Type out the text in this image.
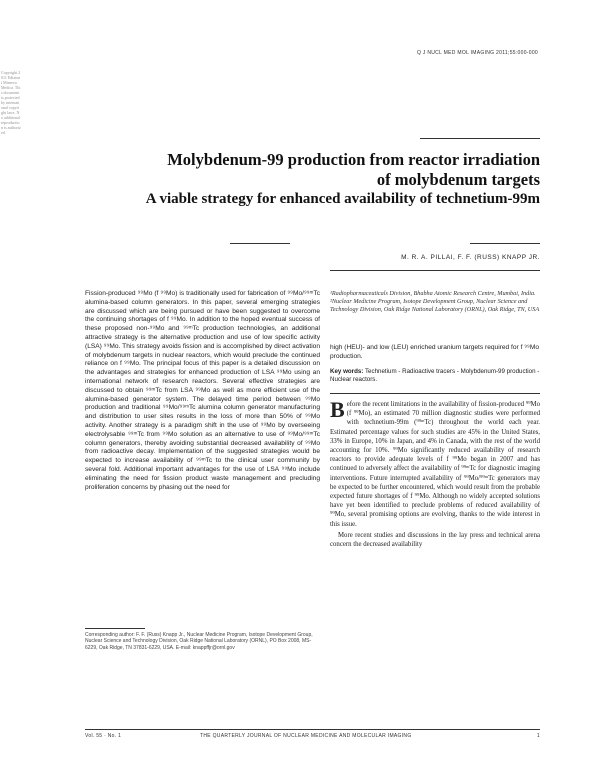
Copyright 2011 Edizioni Minerva Medica. This document is protected by international copyright laws. No additional reproduction is authorized.
Q J NUCL MED MOL IMAGING 2011;55:000-000
Molybdenum-99 production from reactor irradiation
of molybdenum targets
A viable strategy for enhanced availability of technetium-99m
M. R. A. PILLAI, F. F. (RUSS) KNAPP JR.

Fission-produced ⁹⁹Mo (f ⁹⁹Mo) is traditionally used for fabrication of ⁹⁹Mo/⁹⁹ᵐTc alumina-based column generators. In this paper, several emerging strategies are discussed which are being pursued or have been suggested to overcome the continuing shortages of f ⁹⁹Mo. In addition to the hoped eventual success of these proposed non-⁹⁹Mo and ⁹⁹ᵐTc production technologies, an additional attractive strategy is the alternative production and use of low specific activity (LSA) ⁹⁹Mo. This strategy avoids fission and is accomplished by direct activation of molybdenum targets in nuclear reactors, which would preclude the continued reliance on f ⁹⁹Mo. The principal focus of this paper is a detailed discussion on the advantages and strategies for enhanced production of LSA ⁹⁹Mo using an international network of research reactors. Several effective strategies are discussed to obtain ⁹⁹ᵐTc from LSA ⁹⁹Mo as well as more efficient use of the alumina-based generator system. The delayed time period between ⁹⁹Mo production and traditional ⁹⁹Mo/⁹⁹ᵐTc alumina column generator manufacturing and distribution to user sites results in the loss of more than 50% of ⁹⁹Mo activity. Another strategy is a paradigm shift in the use of ⁹⁹Mo by overseeing electrolysable ⁹⁹ᵐTc from ⁹⁹Mo solution as an alternative to use of ⁹⁹Mo/⁹⁹ᵐTc column generators, thereby avoiding substantial decreased availability of ⁹⁹Mo from radioactive decay. Implementation of the suggested strategies would be expected to increase availability of ⁹⁹ᵐTc to the clinical user community by several fold. Additional important advantages for the use of LSA ⁹⁹Mo include eliminating the need for fission product waste management and precluding proliferation concerns by phasing out the need for

¹Radiopharmaceuticals Division, Bhabha Atomic Research Centre, Mumbai, India. ²Nuclear Medicine Program, Isotope Development Group, Nuclear Science and Technology Division, Oak Ridge National Laboratory (ORNL), Oak Ridge, TN, USA
high (HEU)- and low (LEU) enriched uranium targets required for f ⁹⁹Mo production.
Key words: Technetium - Radioactive tracers - Molybdenum-99 production - Nuclear reactors.

Before the recent limitations in the availability of fission-produced ⁹⁹Mo (f ⁹⁹Mo), an estimated 70 million diagnostic studies were performed with technetium-99m (⁹⁹ᵐTc) throughout the world each year. Estimated percentage values for such studies are 45% in the United States, 33% in Europe, 10% in Japan, and 4% in Canada, with the rest of the world accounting for 10%. ⁹⁹Mo significantly reduced availability of research reactors to provide adequate levels of f ⁹⁹Mo began in 2007 and has continued to adversely affect the availability of ⁹⁹ᵐTc for diagnostic imaging interventions. Future interrupted availability of ⁹⁹Mo/⁹⁹ᵐTc generators may be expected to be further encountered, which would result from the probable expected future shortages of f ⁹⁹Mo. Although no widely accepted solutions have yet been identified to preclude problems of reduced availability of ⁹⁹Mo, several promising options are evolving, thanks to the wide interest in this issue.

More recent studies and discussions in the lay press and technical arena concern the decreased availability

Corresponding author: F. F. (Russ) Knapp Jr., Nuclear Medicine Program, Isotope Development Group, Nuclear Science and Technology Division, Oak Ridge National Laboratory (ORNL), PO Box 2008, MS-6229, Oak Ridge, TN 37831-6229, USA. E-mail: knappffjr@ornl.gov
Vol. 55 · No. 1	THE QUARTERLY JOURNAL OF NUCLEAR MEDICINE AND MOLECULAR IMAGING	1
